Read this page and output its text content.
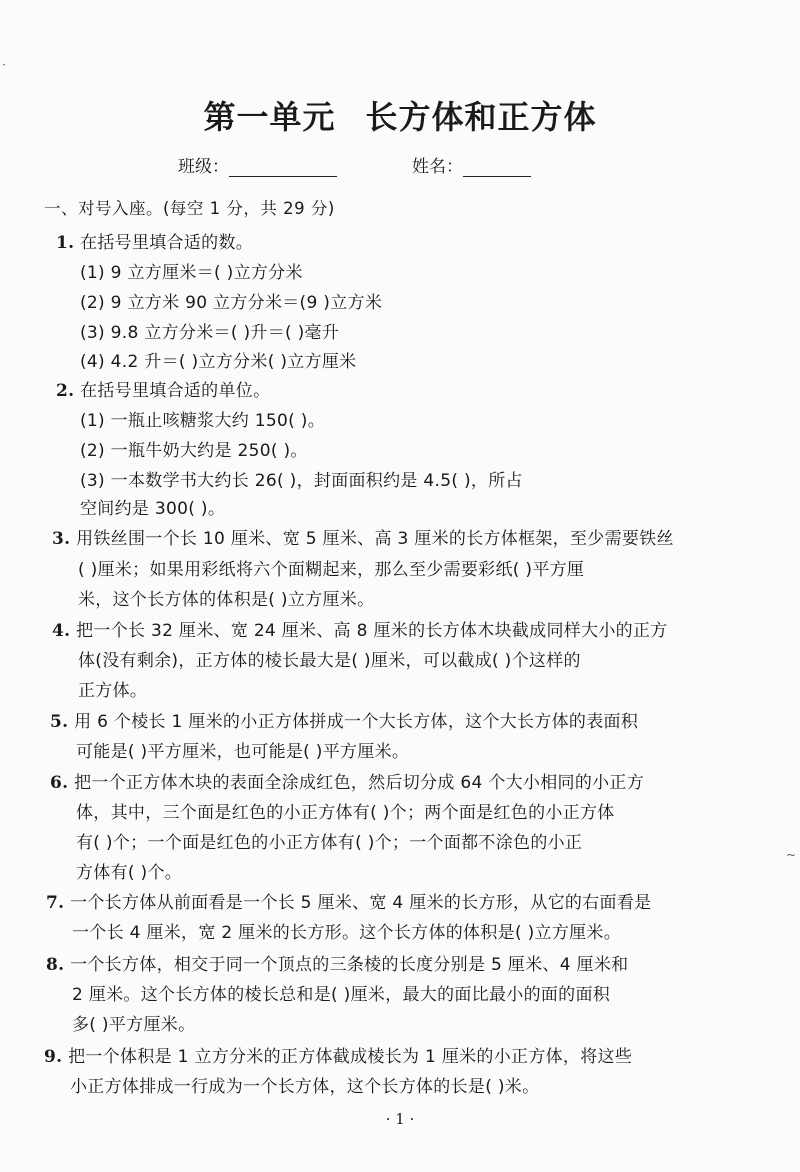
第一单元 长方体和正方体
班级：	姓名：
一、对号入座。(每空 1 分，共 29 分)
1. 在括号里填合适的数。
(1) 9 立方厘米＝( )立方分米
(2) 9 立方米 90 立方分米＝(9 )立方米
(3) 9.8 立方分米＝( )升＝( )毫升
(4) 4.2 升＝( )立方分米( )立方厘米
2. 在括号里填合适的单位。
(1) 一瓶止咳糖浆大约 150( )。
(2) 一瓶牛奶大约是 250( )。
(3) 一本数学书大约长 26( )，封面面积约是 4.5( )，所占
空间约是 300( )。
3. 用铁丝围一个长 10 厘米、宽 5 厘米、高 3 厘米的长方体框架，至少需要铁丝
( )厘米；如果用彩纸将六个面糊起来，那么至少需要彩纸( )平方厘
米，这个长方体的体积是( )立方厘米。
4. 把一个长 32 厘米、宽 24 厘米、高 8 厘米的长方体木块截成同样大小的正方
体(没有剩余)，正方体的棱长最大是( )厘米，可以截成( )个这样的
正方体。
5. 用 6 个棱长 1 厘米的小正方体拼成一个大长方体，这个大长方体的表面积
可能是( )平方厘米，也可能是( )平方厘米。
6. 把一个正方体木块的表面全涂成红色，然后切分成 64 个大小相同的小正方
体，其中，三个面是红色的小正方体有( )个；两个面是红色的小正方体
有( )个；一个面是红色的小正方体有( )个；一个面都不涂色的小正
方体有( )个。
7. 一个长方体从前面看是一个长 5 厘米、宽 4 厘米的长方形，从它的右面看是
一个长 4 厘米，宽 2 厘米的长方形。这个长方体的体积是( )立方厘米。
8. 一个长方体，相交于同一个顶点的三条棱的长度分别是 5 厘米、4 厘米和
2 厘米。这个长方体的棱长总和是( )厘米，最大的面比最小的面的面积
多( )平方厘米。
9. 把一个体积是 1 立方分米的正方体截成棱长为 1 厘米的小正方体，将这些
小正方体排成一行成为一个长方体，这个长方体的长是( )米。
· 1 ·
·
~
